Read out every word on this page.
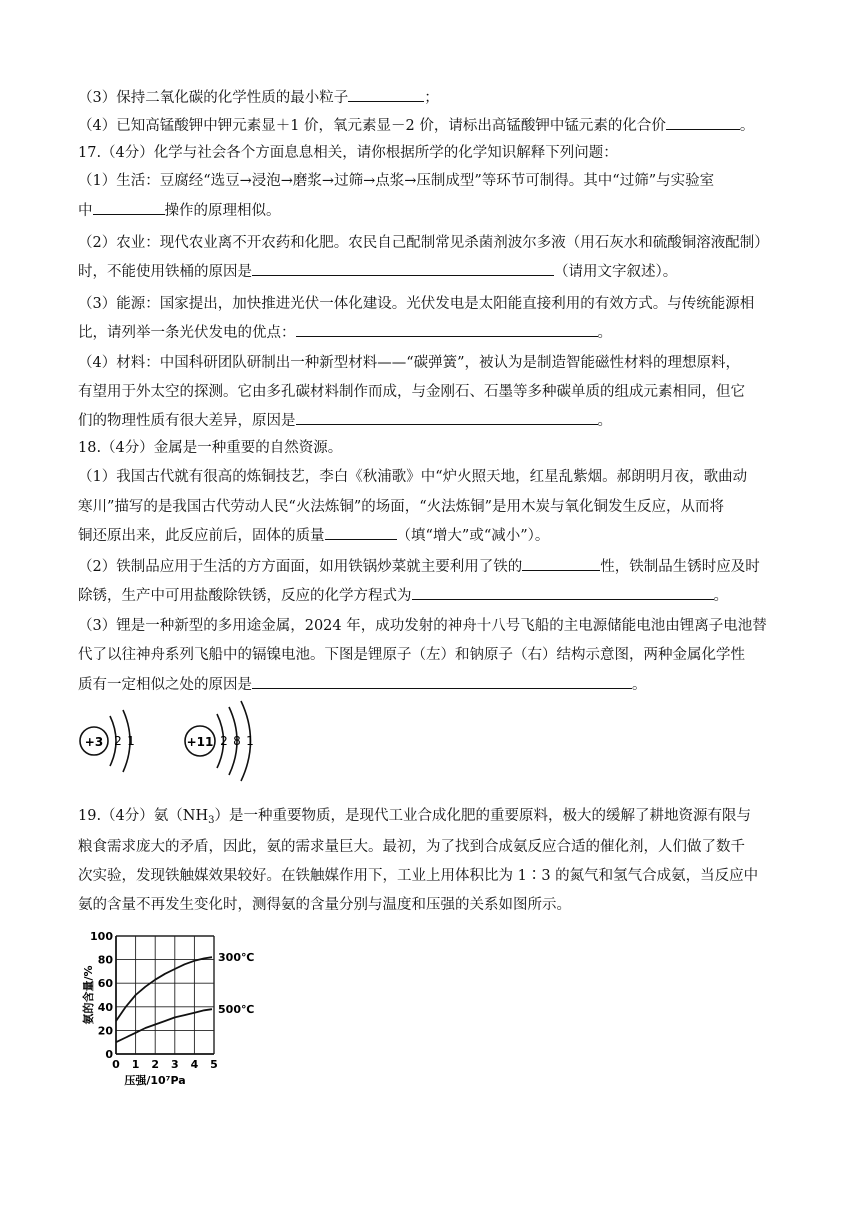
（3）保持二氧化碳的化学性质的最小粒子	；
（4）已知高锰酸钾中钾元素显＋1 价，氧元素显－2 价，请标出高锰酸钾中锰元素的化合价	。
17.（4分）化学与社会各个方面息息相关，请你根据所学的化学知识解释下列问题：
（1）生活：豆腐经“选豆→浸泡→磨浆→过筛→点浆→压制成型”等环节可制得。其中“过筛”与实验室
中	操作的原理相似。
（2）农业：现代农业离不开农药和化肥。农民自己配制常见杀菌剂波尔多液（用石灰水和硫酸铜溶液配制）
时，不能使用铁桶的原因是	（请用文字叙述）。
（3）能源：国家提出，加快推进光伏一体化建设。光伏发电是太阳能直接利用的有效方式。与传统能源相
比，请列举一条光伏发电的优点：	。
（4）材料：中国科研团队研制出一种新型材料——“碳弹簧”，被认为是制造智能磁性材料的理想原料，
有望用于外太空的探测。它由多孔碳材料制作而成，与金刚石、石墨等多种碳单质的组成元素相同，但它
们的物理性质有很大差异，原因是	。
18.（4分）金属是一种重要的自然资源。
（1）我国古代就有很高的炼铜技艺，李白《秋浦歌》中“炉火照天地，红星乱紫烟。郝朗明月夜，歌曲动
寒川”描写的是我国古代劳动人民“火法炼铜”的场面，“火法炼铜”是用木炭与氧化铜发生反应，从而将
铜还原出来，此反应前后，固体的质量	（填“增大”或“减小”）。
（2）铁制品应用于生活的方方面面，如用铁锅炒菜就主要利用了铁的	性，铁制品生锈时应及时
除锈，生产中可用盐酸除铁锈，反应的化学方程式为	。
（3）锂是一种新型的多用途金属，2024 年，成功发射的神舟十八号飞船的主电源储能电池由锂离子电池替
代了以往神舟系列飞船中的镉镍电池。下图是锂原子（左）和钠原子（右）结构示意图，两种金属化学性
质有一定相似之处的原因是	。
+3 2 1	+11 2 8 1
19.（4分）氨$(NH_3)$是一种重要物质，是现代工业合成化肥的重要原料，极大的缓解了耕地资源有限与
粮食需求庞大的矛盾，因此，氨的需求量巨大。最初，为了找到合成氨反应合适的催化剂，人们做了数千
次实验，发现铁触媒效果较好。在铁触媒作用下，工业上用体积比为 1∶3 的氮气和氢气合成氨，当反应中
氨的含量不再发生变化时，测得氨的含量分别与温度和压强的关系如图所示。
0 1 2 3 4 5
0
20
40
60
80
100
300℃
500℃
压强/10⁷Pa
氨的含量/%
